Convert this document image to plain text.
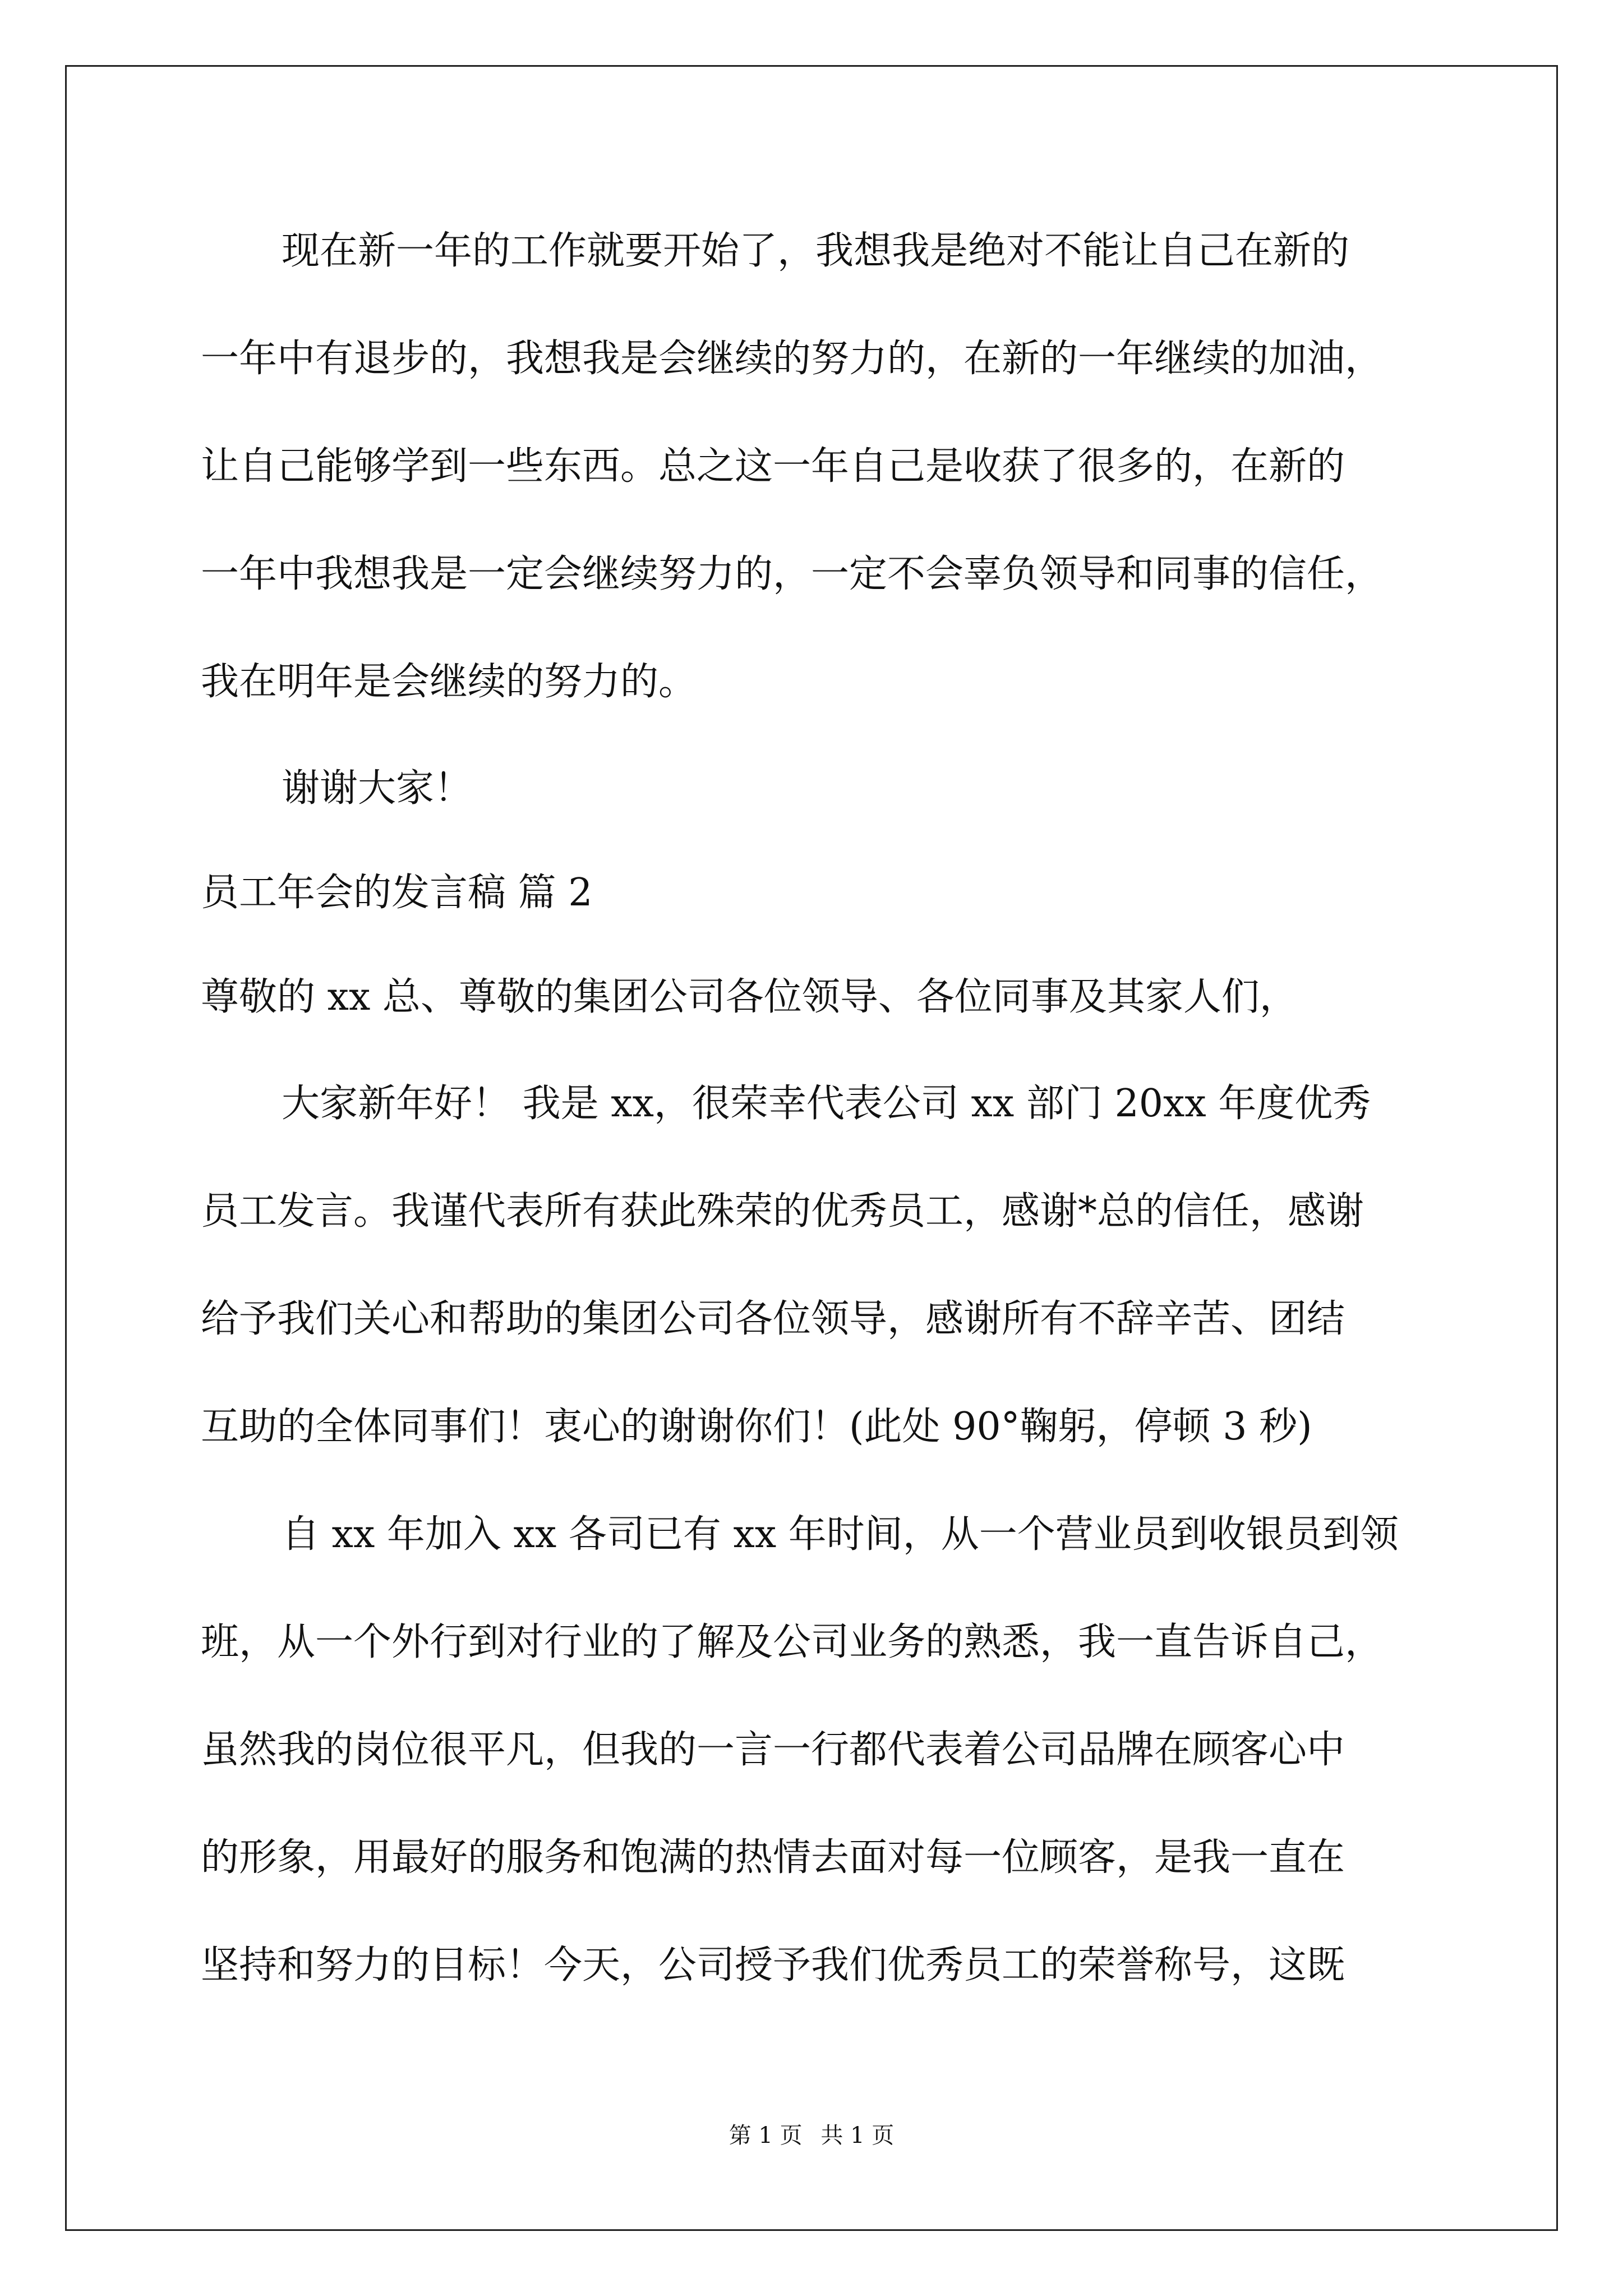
现在新一年的工作就要开始了，我想我是绝对不能让自己在新的
一年中有退步的，我想我是会继续的努力的，在新的一年继续的加油，
让自己能够学到一些东西。总之这一年自己是收获了很多的，在新的
一年中我想我是一定会继续努力的，一定不会辜负领导和同事的信任，
我在明年是会继续的努力的。
谢谢大家！
员工年会的发言稿 篇 2
尊敬的 xx 总、尊敬的集团公司各位领导、各位同事及其家人们，
大家新年好！ 我是 xx，很荣幸代表公司 xx 部门 20xx 年度优秀
员工发言。我谨代表所有获此殊荣的优秀员工，感谢*总的信任，感谢
给予我们关心和帮助的集团公司各位领导，感谢所有不辞辛苦、团结
互助的全体同事们！衷心的谢谢你们！(此处 90°鞠躬，停顿 3 秒)
自 xx 年加入 xx 各司已有 xx 年时间，从一个营业员到收银员到领
班，从一个外行到对行业的了解及公司业务的熟悉，我一直告诉自己，
虽然我的岗位很平凡，但我的一言一行都代表着公司品牌在顾客心中
的形象，用最好的服务和饱满的热情去面对每一位顾客，是我一直在
坚持和努力的目标！今天，公司授予我们优秀员工的荣誉称号，这既
第 1 页 共 1 页
